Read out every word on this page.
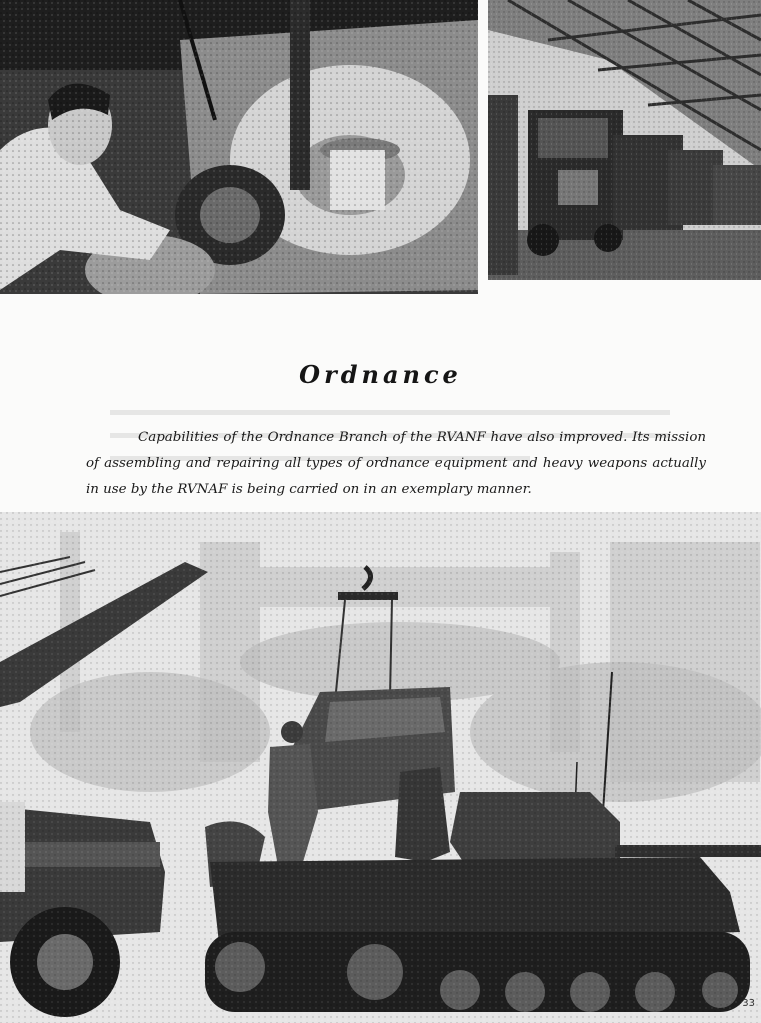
Ordnance
Capabilities of the Ordnance Branch of the RVANF have also improved. Its mission of assembling and repairing all types of ordnance equipment and heavy weapons actually in use by the RVNAF is being carried on in an exemplary manner.
33
